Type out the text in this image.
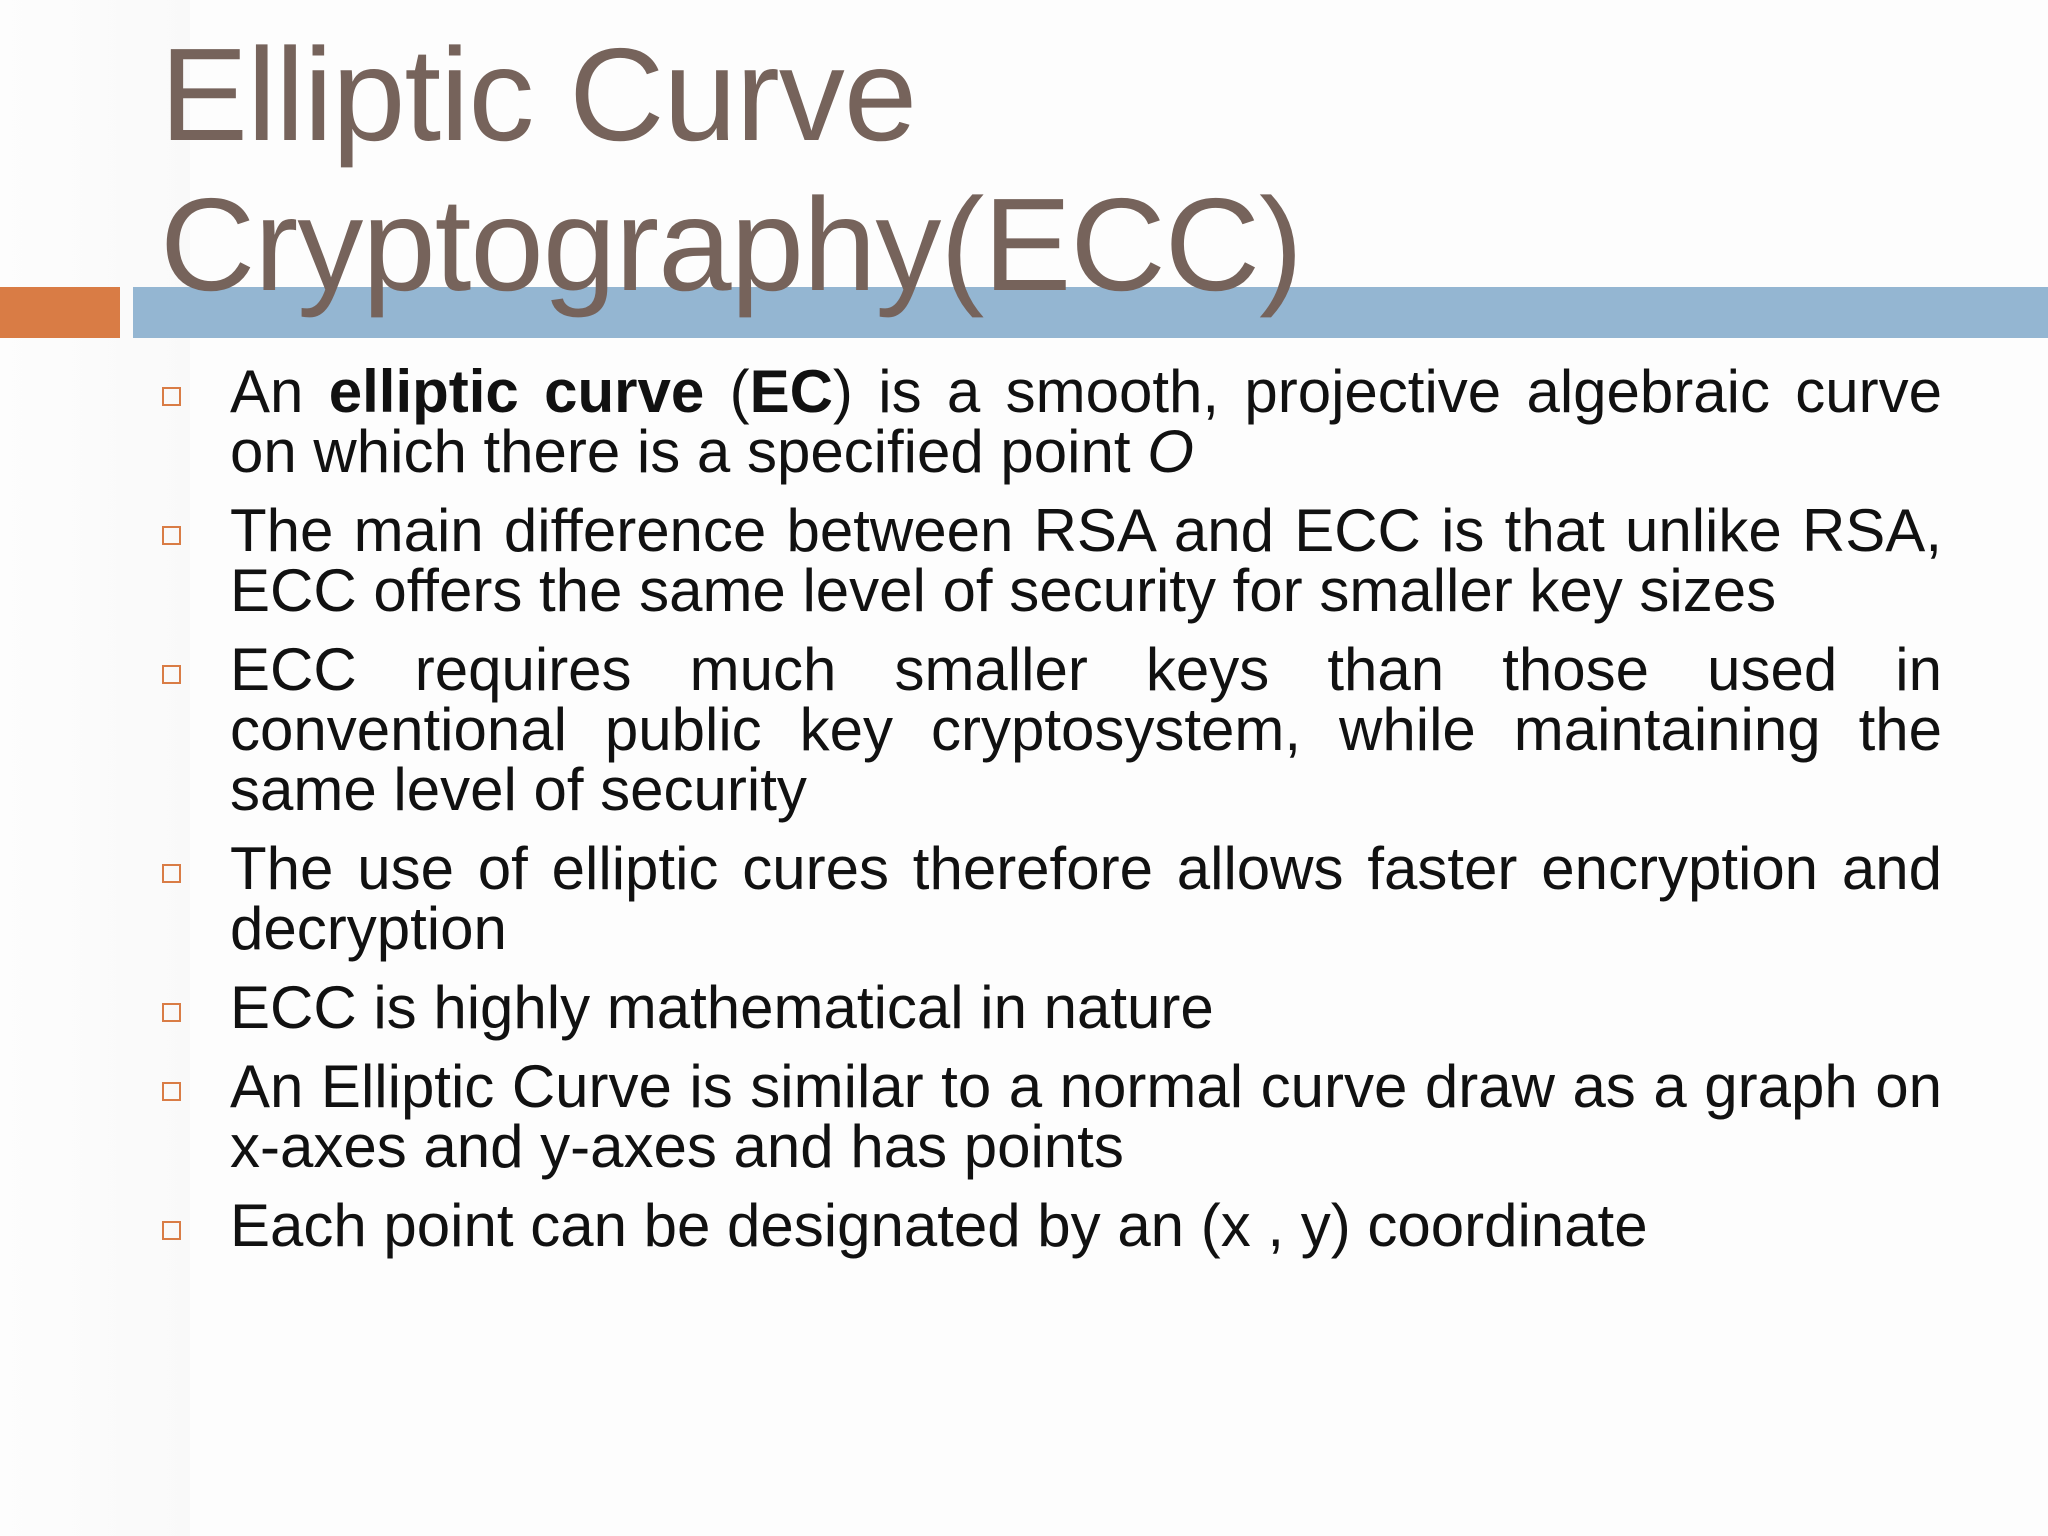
Elliptic Curve Cryptography(ECC)
An elliptic curve (EC) is a smooth, projective algebraic curve on which there is a specified point O
The main difference between RSA and ECC is that unlike RSA, ECC offers the same level of security for smaller key sizes
ECC requires much smaller keys than those used in conventional public key cryptosystem, while maintaining the same level of security
The use of elliptic cures therefore allows faster encryption and decryption
ECC is highly mathematical in nature
An Elliptic Curve is similar to a normal curve draw as a graph on x-axes and y-axes and has points
Each point can be designated by an (x , y) coordinate
